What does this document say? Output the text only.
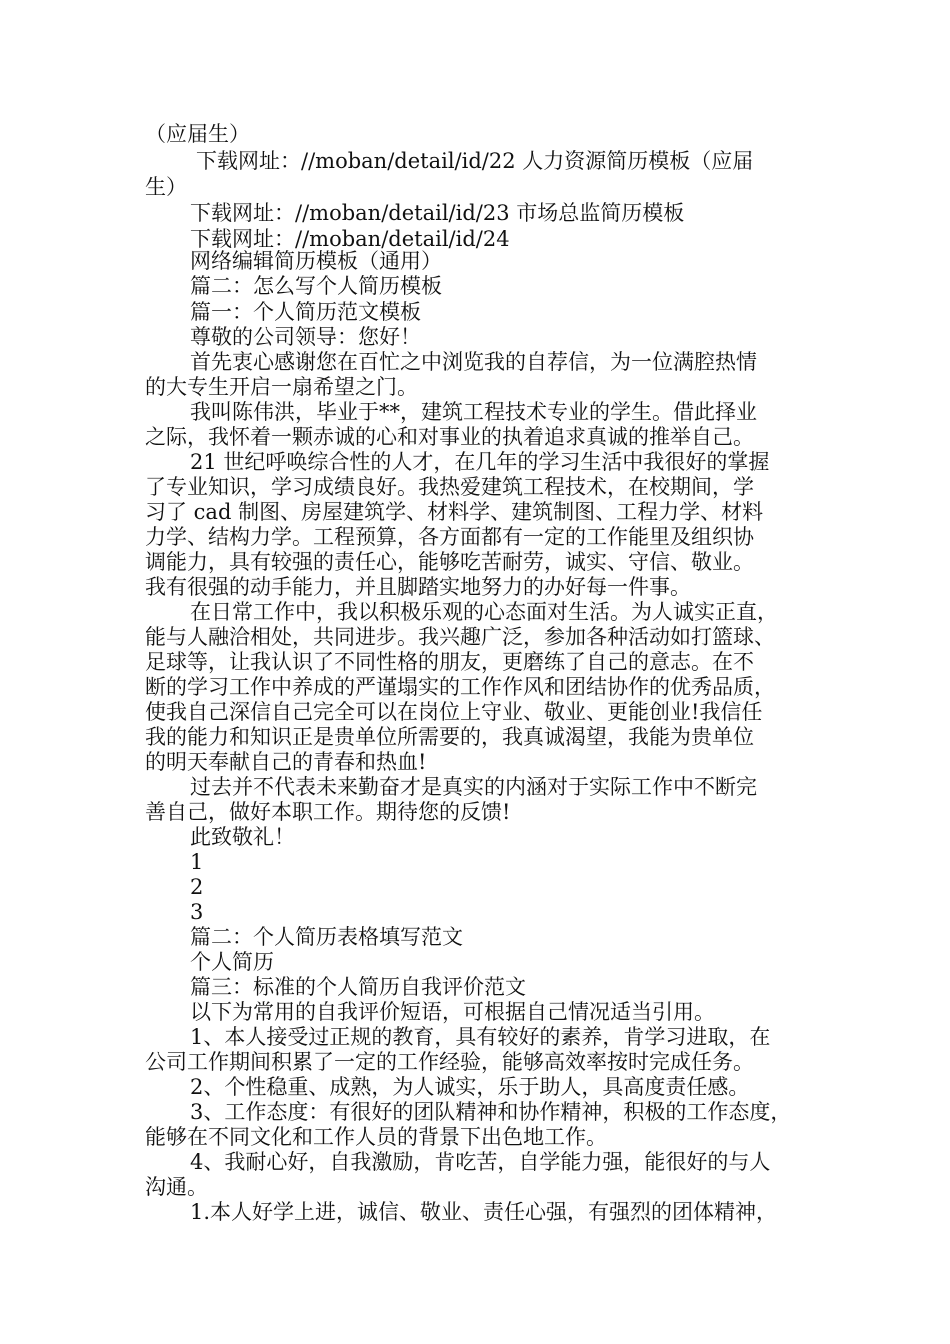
（应届生）
下载网址：//moban/detail/id/22 人力资源简历模板（应届
生）
下载网址：//moban/detail/id/23 市场总监简历模板
下载网址：//moban/detail/id/24
网络编辑简历模板（通用）
篇二：怎么写个人简历模板
篇一：个人简历范文模板
尊敬的公司领导：您好！
首先衷心感谢您在百忙之中浏览我的自荐信，为一位满腔热情
的大专生开启一扇希望之门。
我叫陈伟洪，毕业于**，建筑工程技术专业的学生。借此择业
之际，我怀着一颗赤诚的心和对事业的执着追求真诚的推举自己。
21 世纪呼唤综合性的人才，在几年的学习生活中我很好的掌握
了专业知识，学习成绩良好。我热爱建筑工程技术，在校期间，学
习了 cad 制图、房屋建筑学、材料学、建筑制图、工程力学、材料
力学、结构力学。工程预算，各方面都有一定的工作能里及组织协
调能力，具有较强的责任心，能够吃苦耐劳，诚实、守信、敬业。
我有很强的动手能力，并且脚踏实地努力的办好每一件事。
在日常工作中，我以积极乐观的心态面对生活。为人诚实正直，
能与人融洽相处，共同进步。我兴趣广泛，参加各种活动如打篮球、
足球等，让我认识了不同性格的朋友，更磨练了自己的意志。在不
断的学习工作中养成的严谨塌实的工作作风和团结协作的优秀品质，
使我自己深信自己完全可以在岗位上守业、敬业、更能创业!我信任
我的能力和知识正是贵单位所需要的，我真诚渴望，我能为贵单位
的明天奉献自己的青春和热血!
过去并不代表未来勤奋才是真实的内涵对于实际工作中不断完
善自己，做好本职工作。期待您的反馈!
此致敬礼！
1
2
3
篇二：个人简历表格填写范文
个人简历
篇三：标准的个人简历自我评价范文
以下为常用的自我评价短语，可根据自己情况适当引用。
1、本人接受过正规的教育，具有较好的素养，肯学习进取，在
公司工作期间积累了一定的工作经验，能够高效率按时完成任务。
2、个性稳重、成熟，为人诚实，乐于助人，具高度责任感。
3、工作态度：有很好的团队精神和协作精神，积极的工作态度，
能够在不同文化和工作人员的背景下出色地工作。
4、我耐心好，自我激励，肯吃苦，自学能力强，能很好的与人
沟通。
1.本人好学上进，诚信、敬业、责任心强，有强烈的团体精神，
